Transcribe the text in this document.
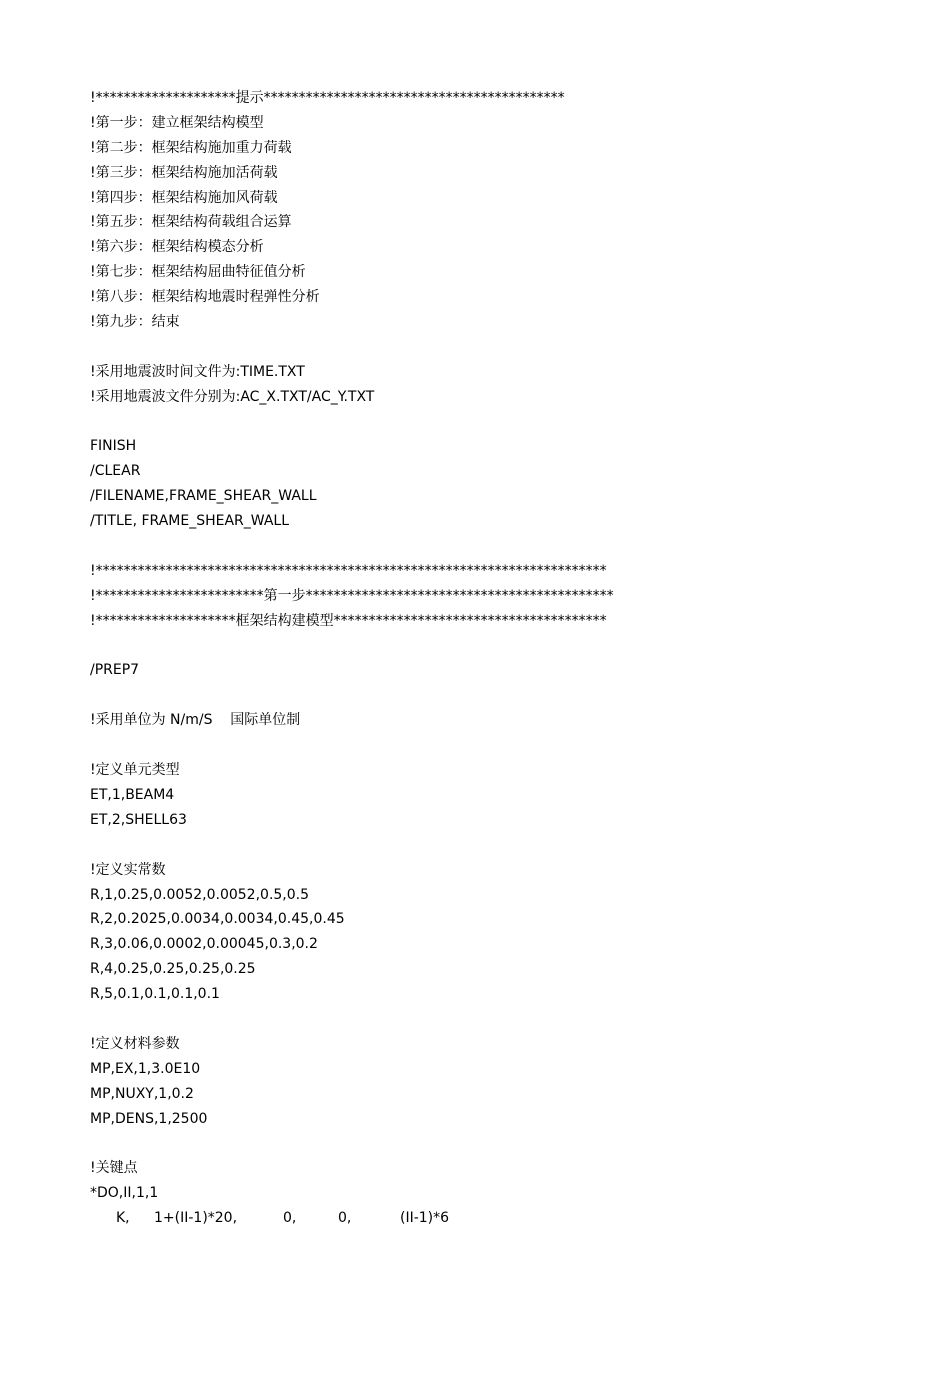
!********************提示*******************************************
!第一步：建立框架结构模型
!第二步：框架结构施加重力荷载
!第三步：框架结构施加活荷载
!第四步：框架结构施加风荷载
!第五步：框架结构荷载组合运算
!第六步：框架结构模态分析
!第七步：框架结构屈曲特征值分析
!第八步：框架结构地震时程弹性分析
!第九步：结束
!采用地震波时间文件为:TIME.TXT
!采用地震波文件分别为:AC_X.TXT/AC_Y.TXT
FINISH
/CLEAR
/FILENAME,FRAME_SHEAR_WALL
/TITLE, FRAME_SHEAR_WALL
!*************************************************************************
!************************第一步********************************************
!********************框架结构建模型***************************************
/PREP7
!采用单位为 N/m/S    国际单位制
!定义单元类型
ET,1,BEAM4
ET,2,SHELL63
!定义实常数
R,1,0.25,0.0052,0.0052,0.5,0.5
R,2,0.2025,0.0034,0.0034,0.45,0.45
R,3,0.06,0.0002,0.00045,0.3,0.2
R,4,0.25,0.25,0.25,0.25
R,5,0.1,0.1,0.1,0.1
!定义材料参数
MP,EX,1,3.0E10
MP,NUXY,1,0.2
MP,DENS,1,2500
!关键点
*DO,II,1,1

K,

1+(II-1)*20,

	0,

	0,

	(II-1)*6
